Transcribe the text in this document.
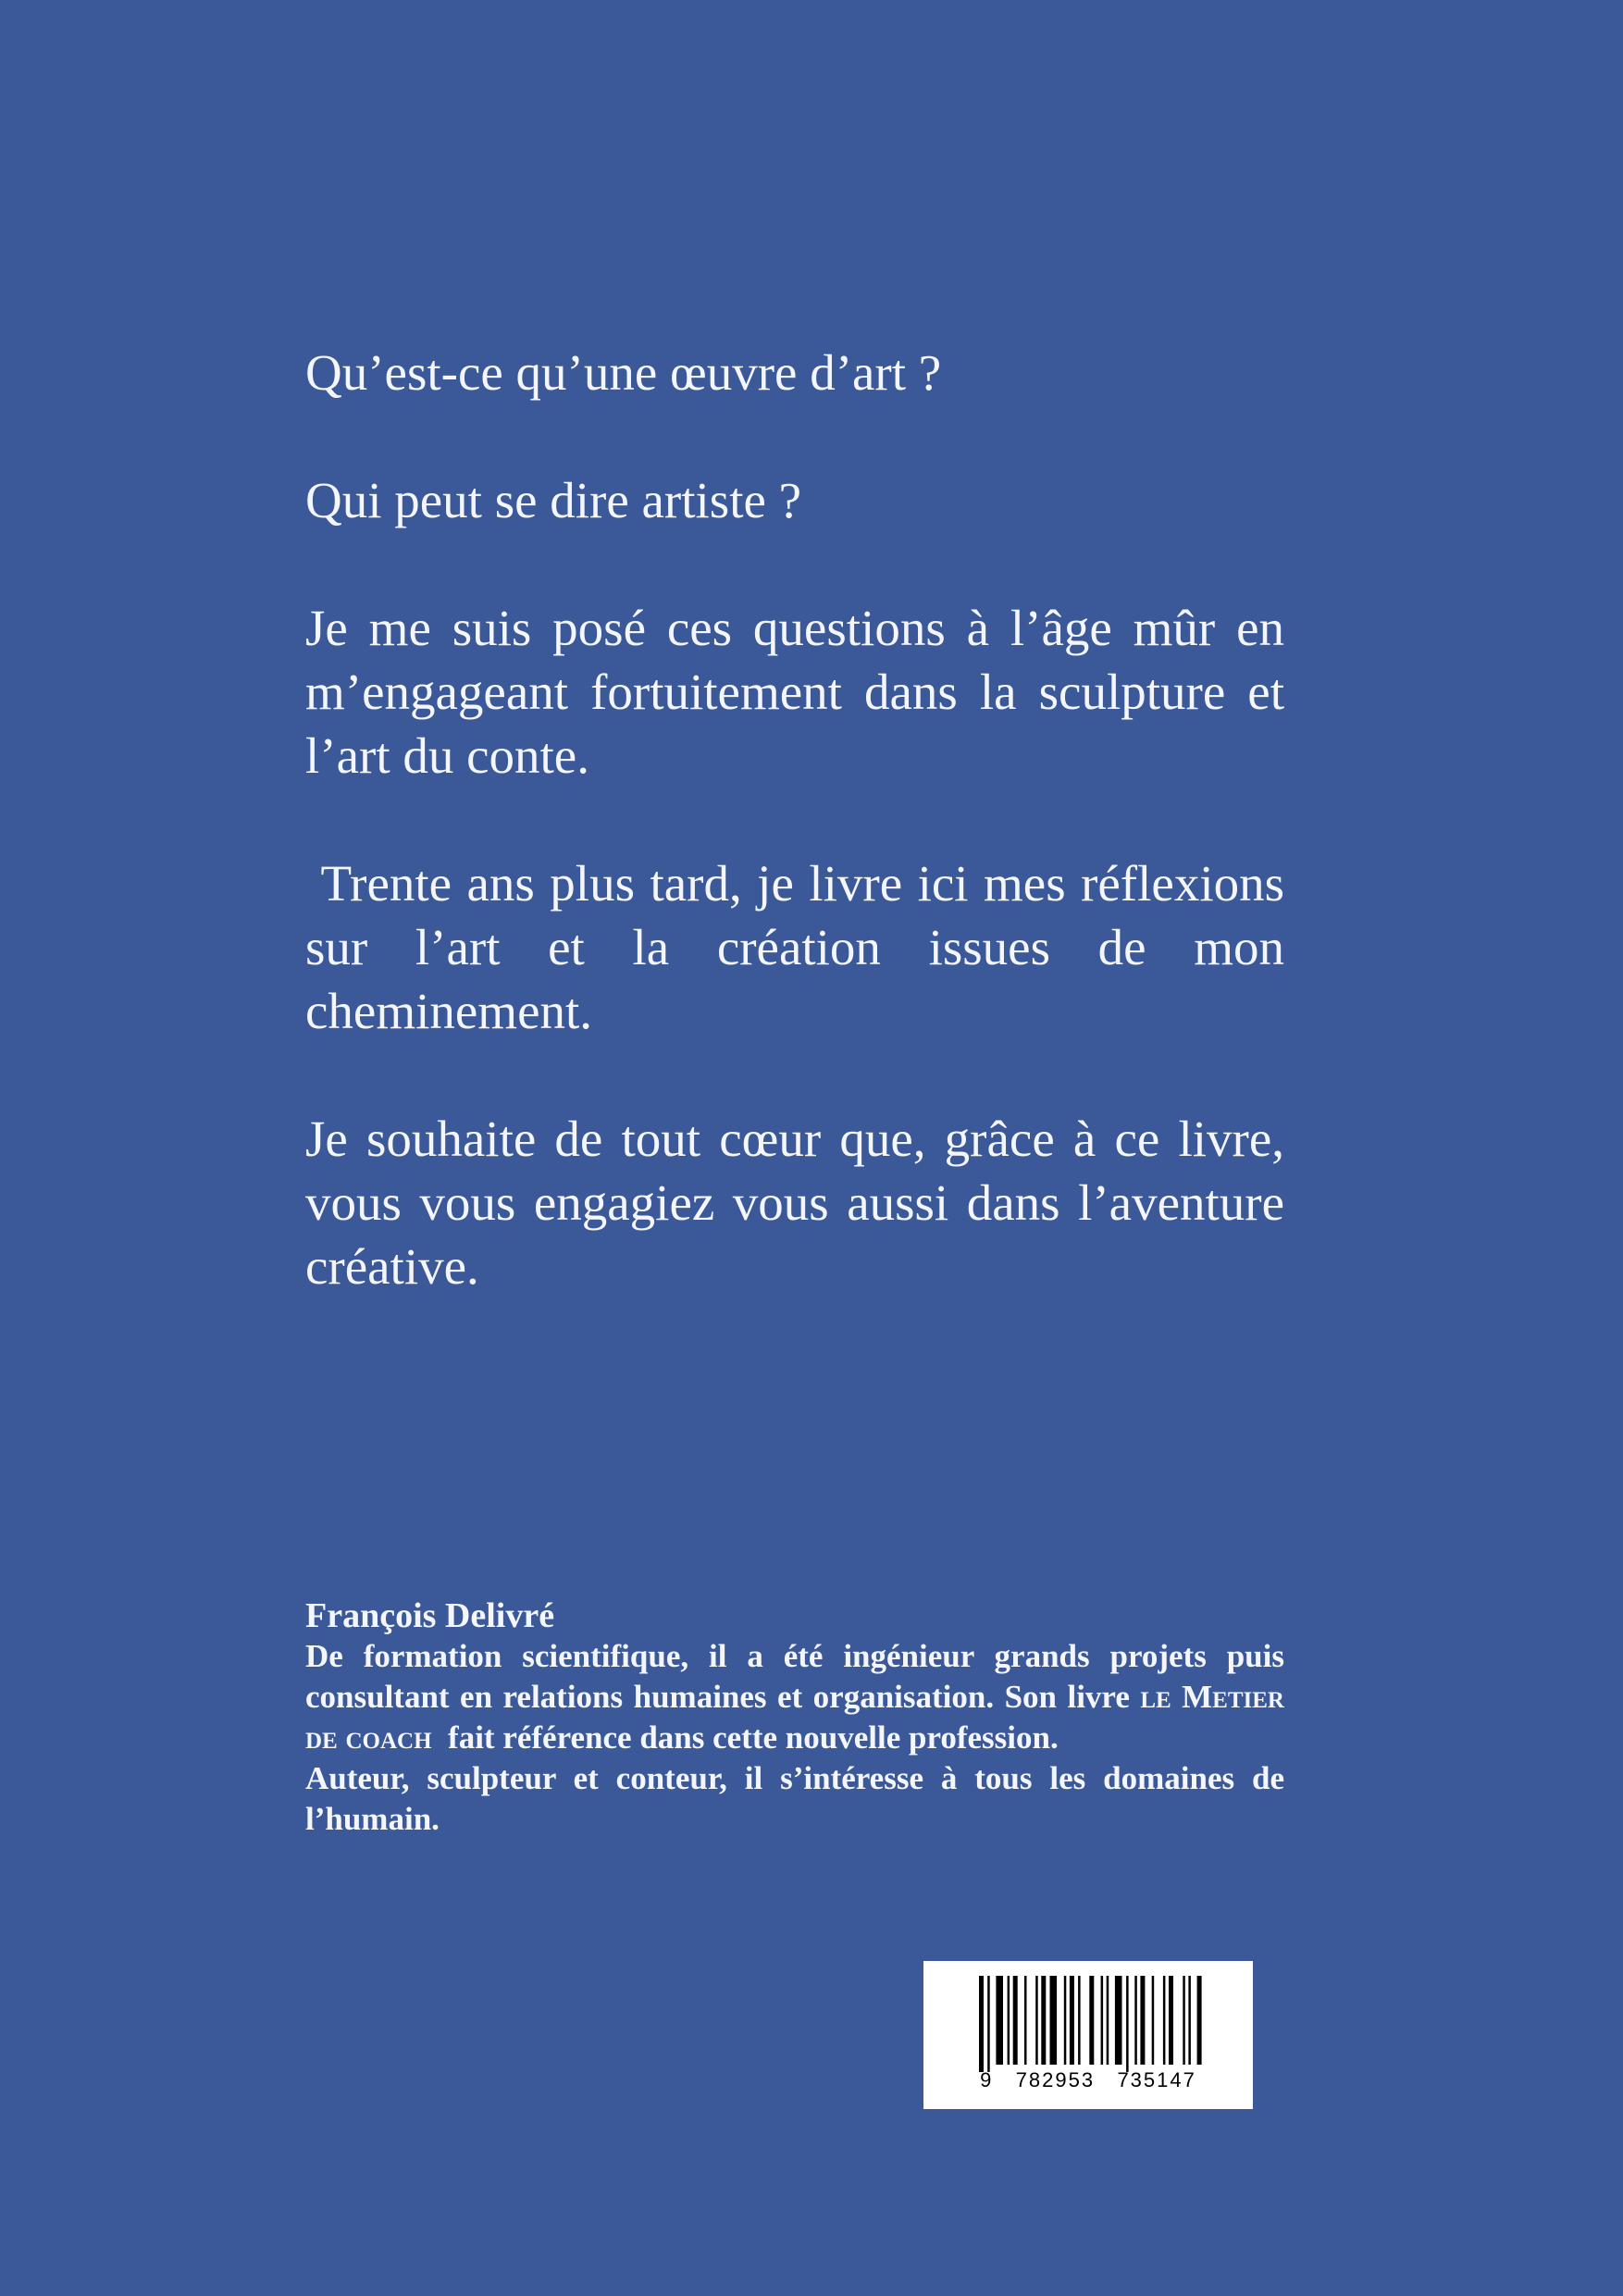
Qu’est-ce qu’une œuvre d’art ?

Qui peut se dire artiste ?

Je me suis posé ces questions à l’âge mûr en m’engageant fortuitement dans la sculpture et l’art du conte.

Trente ans plus tard, je livre ici mes réflexions sur l’art et la création issues de mon cheminement.

Je souhaite de tout cœur que, grâce à ce livre, vous vous engagiez vous aussi dans l’aventure créative.

François Delivré

De formation scientifique, il a été ingénieur grands projets puis consultant en relations humaines et organisation. Son livre le Metier de coach  fait référence dans cette nouvelle profession.

Auteur, sculpteur et conteur, il s’intéresse à tous les domaines de l’humain.

9   782953   735147
